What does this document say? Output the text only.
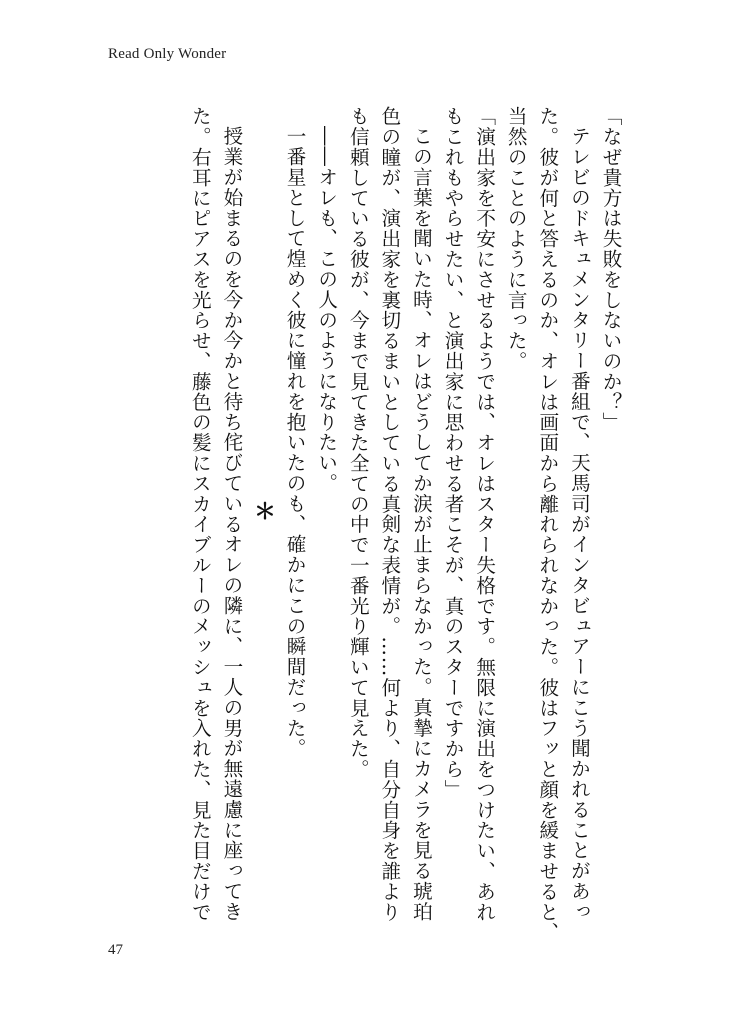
Read Only Wonder

「なぜ貴方は失敗をしないのか？」

テレビのドキュメンタリー番組で、天馬司がインタビュアーにこう聞かれることがあっ

た。彼が何と答えるのか、オレは画面から離れられなかった。彼はフッと顔を緩ませると、

当然のことのように言った。

「演出家を不安にさせるようでは、オレはスター失格です。無限に演出をつけたい、あれ

もこれもやらせたい、と演出家に思わせる者こそが、真のスターですから」

この言葉を聞いた時、オレはどうしてか涙が止まらなかった。真摯にカメラを見る琥珀

色の瞳が、演出家を裏切るまいとしている真剣な表情が。……何より、自分自身を誰より

も信頼している彼が、今まで見てきた全ての中で一番光り輝いて見えた。

――オレも、この人のようになりたい。

一番星として煌めく彼に憧れを抱いたのも、確かにこの瞬間だった。

＊

授業が始まるのを今か今かと待ち侘びているオレの隣に、一人の男が無遠慮に座ってき

た。右耳にピアスを光らせ、藤色の髪にスカイブルーのメッシュを入れた、見た目だけで

47
